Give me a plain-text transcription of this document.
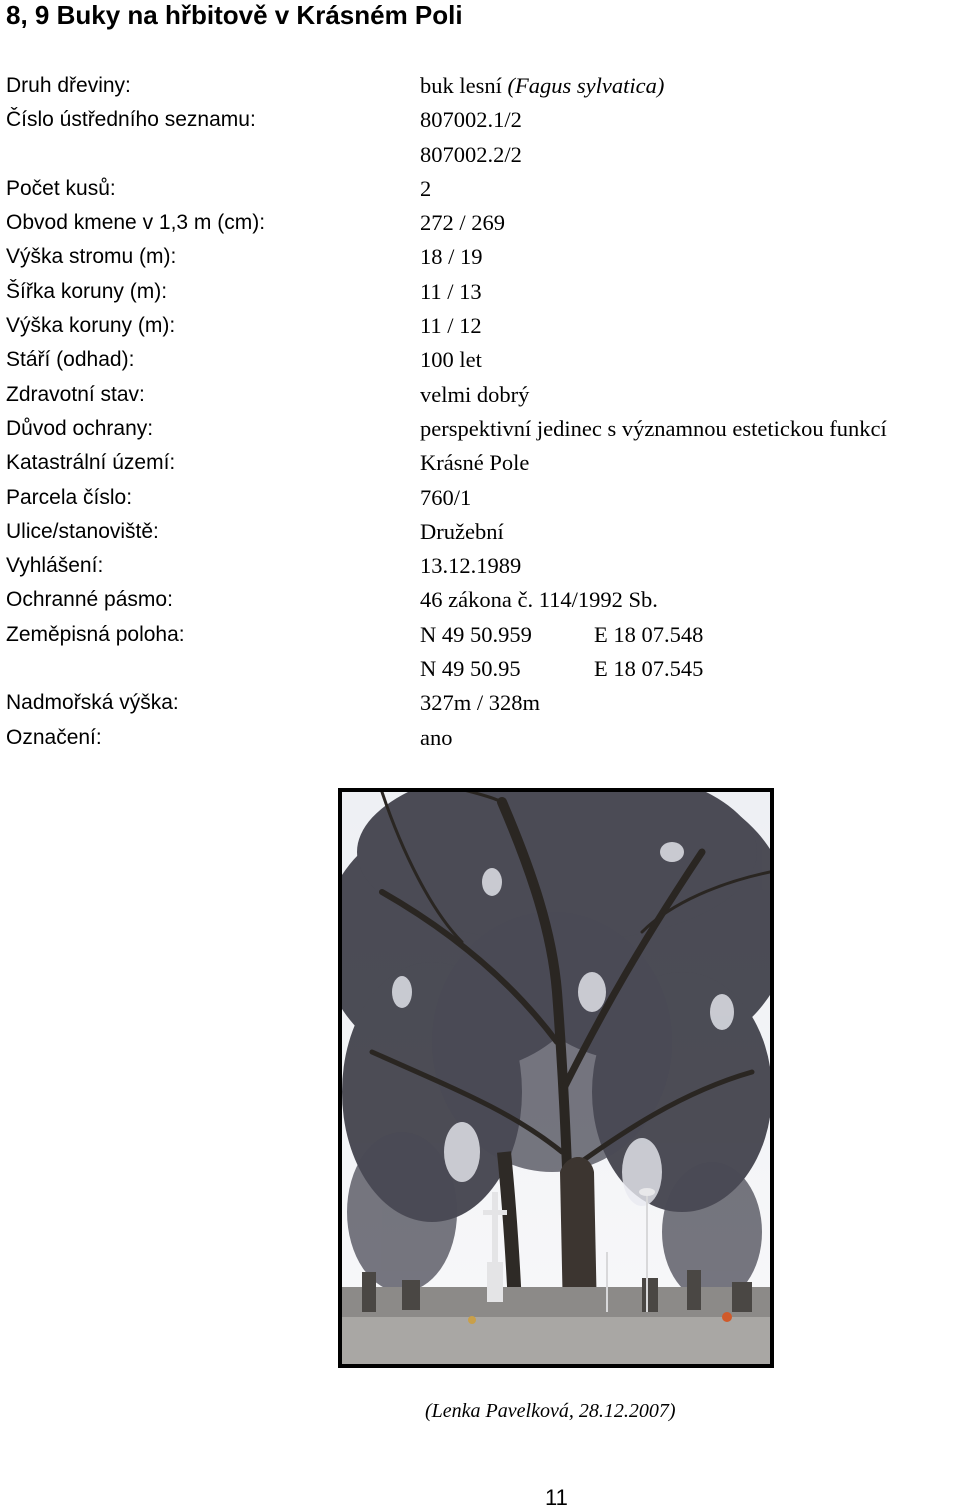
8, 9 Buky na hřbitově v Krásném Poli
Druh dřeviny:	buk lesní (Fagus sylvatica)
Číslo ústředního seznamu:	807002.1/2
807002.2/2
Počet kusů:	2
Obvod kmene v 1,3 m (cm):	272 / 269
Výška stromu (m):	18 / 19
Šířka koruny (m):	11 / 13
Výška koruny (m):	11 / 12
Stáří (odhad):	100 let
Zdravotní stav:	velmi dobrý
Důvod ochrany:	perspektivní jedinec s významnou estetickou funkcí
Katastrální území:	Krásné Pole
Parcela číslo:	760/1
Ulice/stanoviště:	Družební
Vyhlášení:	13.12.1989
Ochranné pásmo:	46 zákona č. 114/1992 Sb.
Zeměpisná poloha:	N 49 50.959	E 18 07.548
N 49 50.95	E 18 07.545
Nadmořská výška:	327m / 328m
Označení:	ano
(Lenka Pavelková, 28.12.2007)
11
